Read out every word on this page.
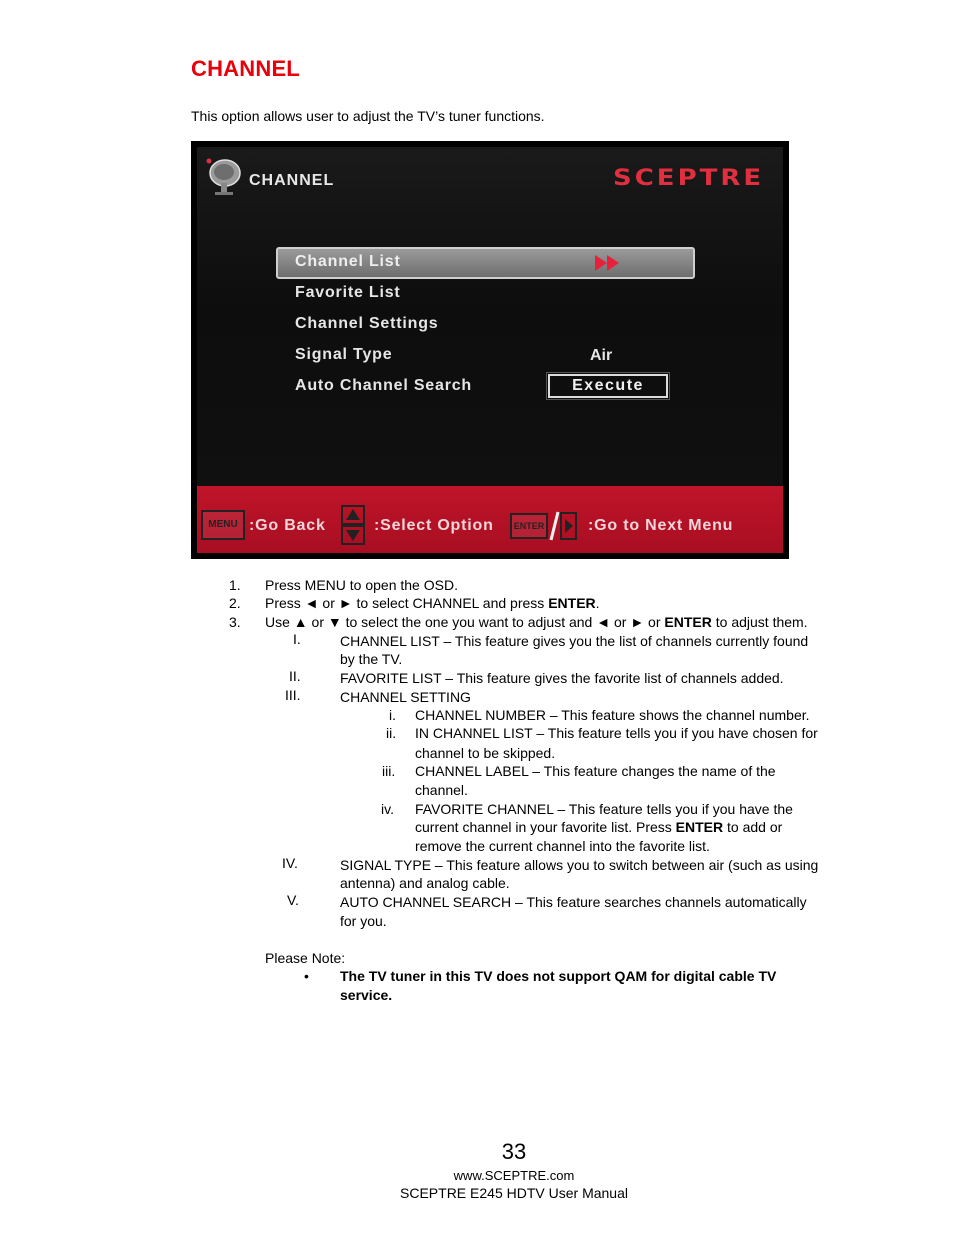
CHANNEL
This option allows user to adjust the TV’s tuner functions.
CHANNEL	SCEPTRE
Channel List
Favorite List
Channel Settings
Signal Type	Air
Auto Channel Search	Execute
MENU :Go Back	:Select Option	ENTER	:Go to Next Menu
1. Press MENU to open the OSD.
2. Press ◄ or ► to select CHANNEL and press ENTER.
3. Use ▲ or ▼ to select the one you want to adjust and ◄ or ► or ENTER to adjust them.
I.	CHANNEL LIST – This feature gives you the list of channels currently found
by the TV.
II.	FAVORITE LIST – This feature gives the favorite list of channels added.
III.	CHANNEL SETTING
i. CHANNEL NUMBER – This feature shows the channel number.
ii. IN CHANNEL LIST – This feature tells you if you have chosen for
channel to be skipped.
iii. CHANNEL LABEL – This feature changes the name of the
channel.
iv. FAVORITE CHANNEL – This feature tells you if you have the
current channel in your favorite list. Press ENTER to add or
remove the current channel into the favorite list.
IV.	SIGNAL TYPE – This feature allows you to switch between air (such as using
antenna) and analog cable.
V.	AUTO CHANNEL SEARCH – This feature searches channels automatically
for you.
Please Note:
• The TV tuner in this TV does not support QAM for digital cable TV
service.
33
www.SCEPTRE.com
SCEPTRE E245 HDTV User Manual
